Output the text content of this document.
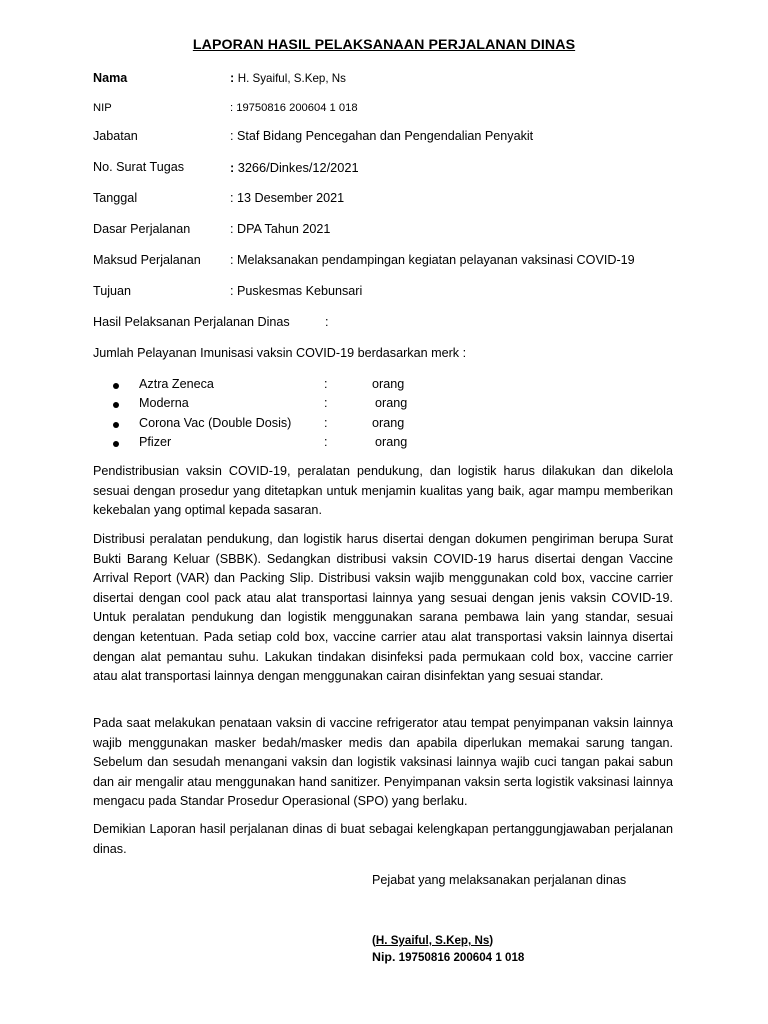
LAPORAN HASIL PELAKSANAAN PERJALANAN DINAS
Nama	: H. Syaiful, S.Kep, Ns
NIP	: 19750816 200604 1 018
Jabatan	: Staf Bidang Pencegahan dan Pengendalian Penyakit
No. Surat Tugas	: 3266/Dinkes/12/2021
Tanggal	: 13 Desember 2021
Dasar Perjalanan	: DPA Tahun 2021
Maksud Perjalanan : Melaksanakan pendampingan kegiatan pelayanan vaksinasi COVID-19
Tujuan	: Puskesmas Kebunsari
Hasil Pelaksanan Perjalanan Dinas	:
Jumlah Pelayanan Imunisasi vaksin COVID-19 berdasarkan merk :
Aztra Zeneca	:	orang
Moderna	:	orang
Corona Vac (Double Dosis)	:	orang
Pfizer	:	orang
Pendistribusian vaksin COVID-19, peralatan pendukung, dan logistik harus dilakukan dan dikelola sesuai dengan prosedur yang ditetapkan untuk menjamin kualitas yang baik, agar mampu memberikan kekebalan yang optimal kepada sasaran.
Distribusi peralatan pendukung, dan logistik harus disertai dengan dokumen pengiriman berupa Surat Bukti Barang Keluar (SBBK). Sedangkan distribusi vaksin COVID-19 harus disertai dengan Vaccine Arrival Report (VAR) dan Packing Slip. Distribusi vaksin wajib menggunakan cold box, vaccine carrier disertai dengan cool pack atau alat transportasi lainnya yang sesuai dengan jenis vaksin COVID-19. Untuk peralatan pendukung dan logistik menggunakan sarana pembawa lain yang standar, sesuai dengan ketentuan. Pada setiap cold box, vaccine carrier atau alat transportasi vaksin lainnya disertai dengan alat pemantau suhu. Lakukan tindakan disinfeksi pada permukaan cold box, vaccine carrier atau alat transportasi lainnya dengan menggunakan cairan disinfektan yang sesuai standar.
Pada saat melakukan penataan vaksin di vaccine refrigerator atau tempat penyimpanan vaksin lainnya wajib menggunakan masker bedah/masker medis dan apabila diperlukan memakai sarung tangan. Sebelum dan sesudah menangani vaksin dan logistik vaksinasi lainnya wajib cuci tangan pakai sabun dan air mengalir atau menggunakan hand sanitizer. Penyimpanan vaksin serta logistik vaksinasi lainnya mengacu pada Standar Prosedur Operasional (SPO) yang berlaku.
Demikian Laporan hasil perjalanan dinas di buat sebagai kelengkapan pertanggungjawaban perjalanan dinas.
Pejabat yang melaksanakan perjalanan dinas
(H. Syaiful, S.Kep, Ns)
Nip. 19750816 200604 1 018
